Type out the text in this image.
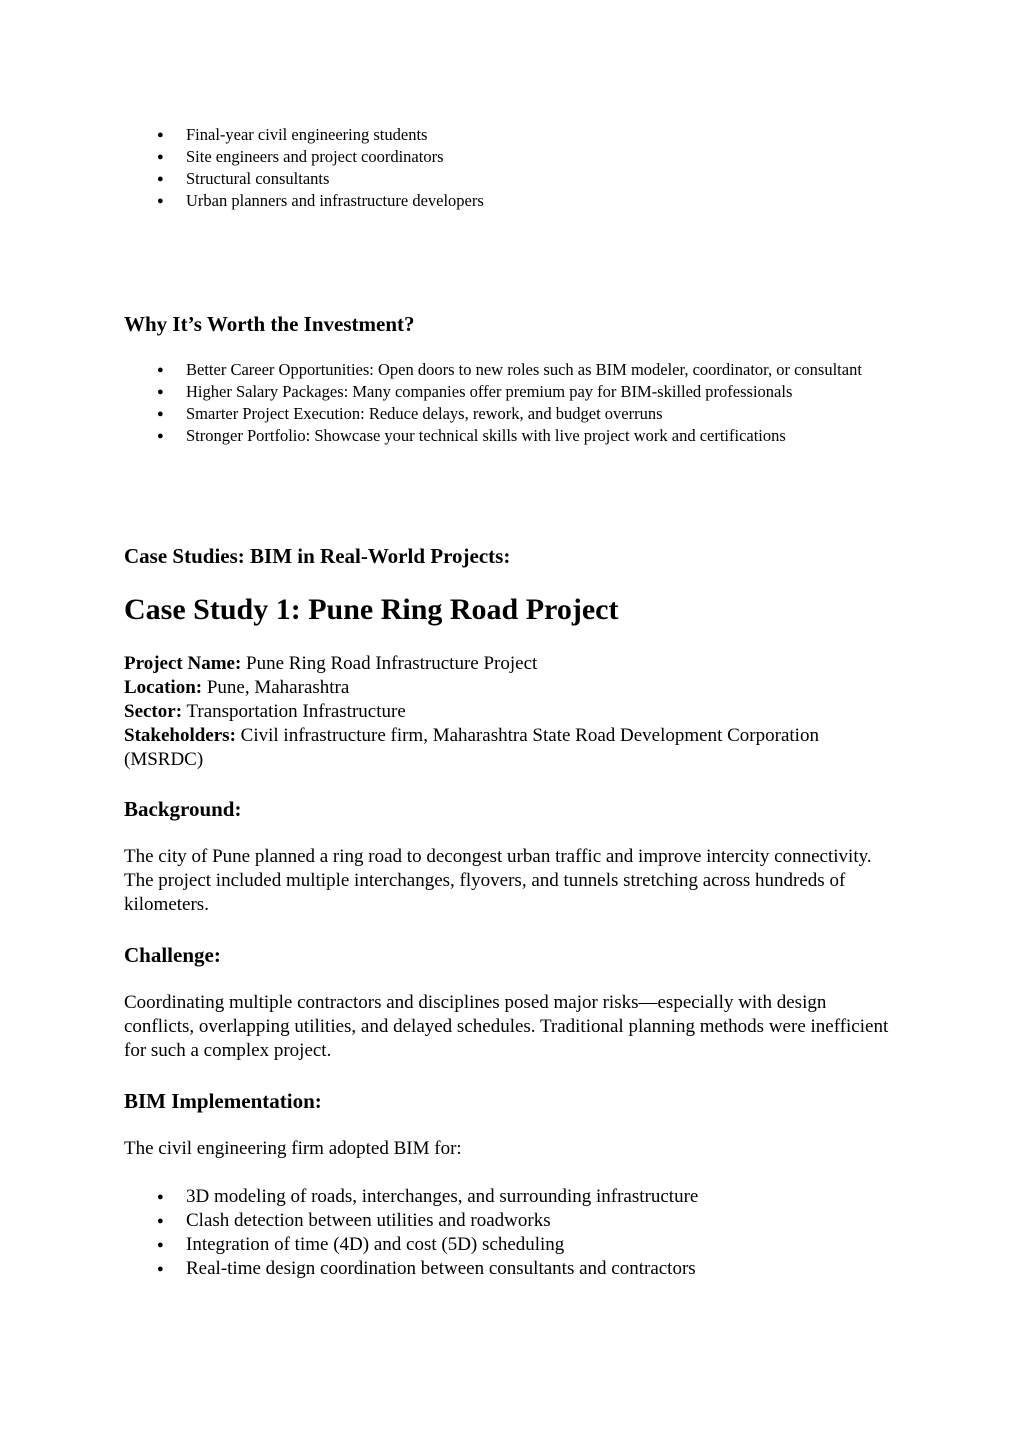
● Final-year civil engineering students
● Site engineers and project coordinators
● Structural consultants
● Urban planners and infrastructure developers
Why It’s Worth the Investment?
● Better Career Opportunities: Open doors to new roles such as BIM modeler, coordinator, or consultant
● Higher Salary Packages: Many companies offer premium pay for BIM-skilled professionals
● Smarter Project Execution: Reduce delays, rework, and budget overruns
● Stronger Portfolio: Showcase your technical skills with live project work and certifications
Case Studies: BIM in Real-World Projects:
Case Study 1: Pune Ring Road Project
Project Name: Pune Ring Road Infrastructure Project
Location: Pune, Maharashtra
Sector: Transportation Infrastructure
Stakeholders: Civil infrastructure firm, Maharashtra State Road Development Corporation (MSRDC)
Background:

The city of Pune planned a ring road to decongest urban traffic and improve intercity connectivity. The project included multiple interchanges, flyovers, and tunnels stretching across hundreds of kilometers.

Challenge:

Coordinating multiple contractors and disciplines posed major risks—especially with design conflicts, overlapping utilities, and delayed schedules. Traditional planning methods were inefficient for such a complex project.

BIM Implementation:

The civil engineering firm adopted BIM for:

● 3D modeling of roads, interchanges, and surrounding infrastructure
● Clash detection between utilities and roadworks
● Integration of time (4D) and cost (5D) scheduling
● Real-time design coordination between consultants and contractors
